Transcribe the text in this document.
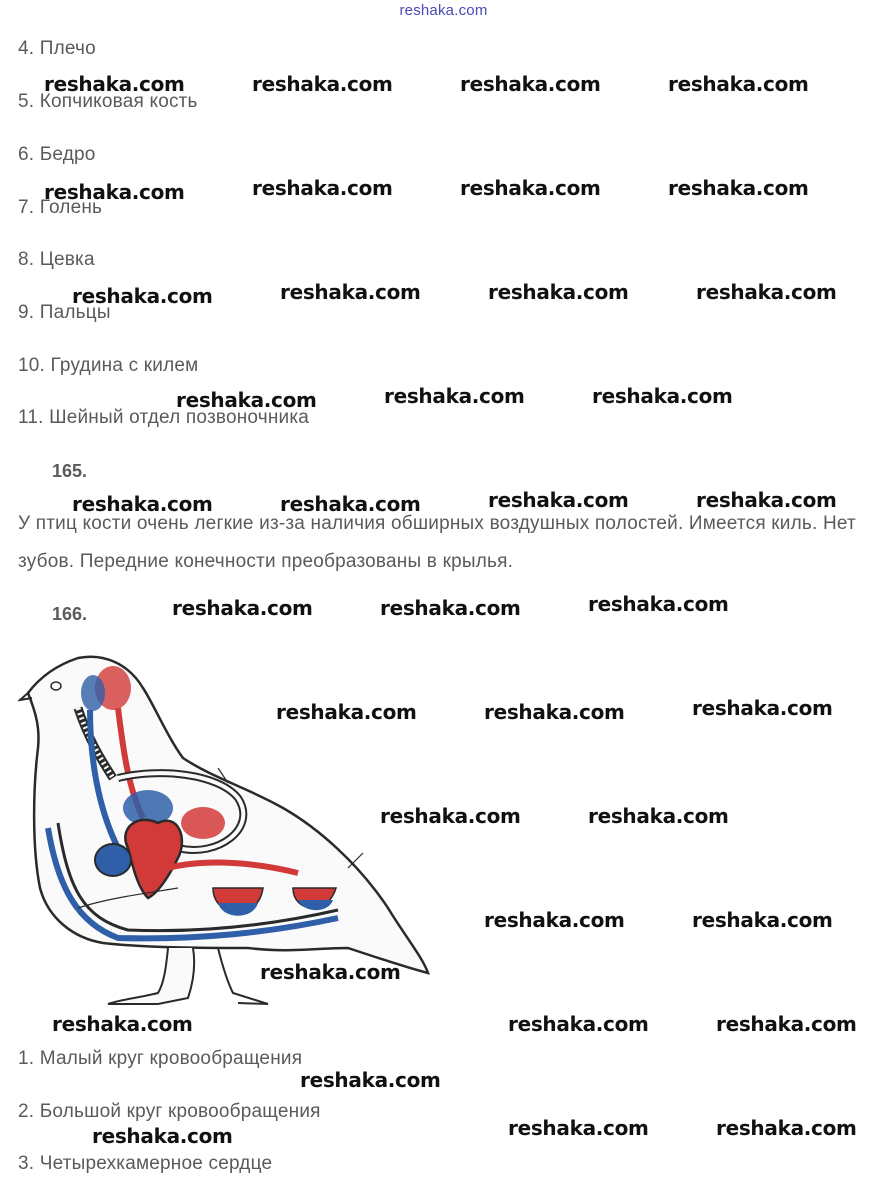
reshaka.com
4. Плечо
5. Копчиковая кость
6. Бедро
7. Голень
8. Цевка
9. Пальцы
10. Грудина с килем
11. Шейный отдел позвоночника
165.
У птиц кости очень легкие из-за наличия обширных воздушных полостей. Имеется киль. Нет зубов. Передние конечности преобразованы в крылья.
166.
1. Малый круг кровообращения
2. Большой круг кровообращения
3. Четырехкамерное сердце
reshaka.com	reshaka.com	reshaka.com	reshaka.com
reshaka.com	reshaka.com	reshaka.com	reshaka.com
reshaka.com	reshaka.com	reshaka.com	reshaka.com
reshaka.com	reshaka.com	reshaka.com
reshaka.com	reshaka.com	reshaka.com	reshaka.com
reshaka.com	reshaka.com	reshaka.com
reshaka.com	reshaka.com	reshaka.com
reshaka.com	reshaka.com
reshaka.com	reshaka.com
reshaka.com
reshaka.com	reshaka.com	reshaka.com
reshaka.com
reshaka.com	reshaka.com	reshaka.com
